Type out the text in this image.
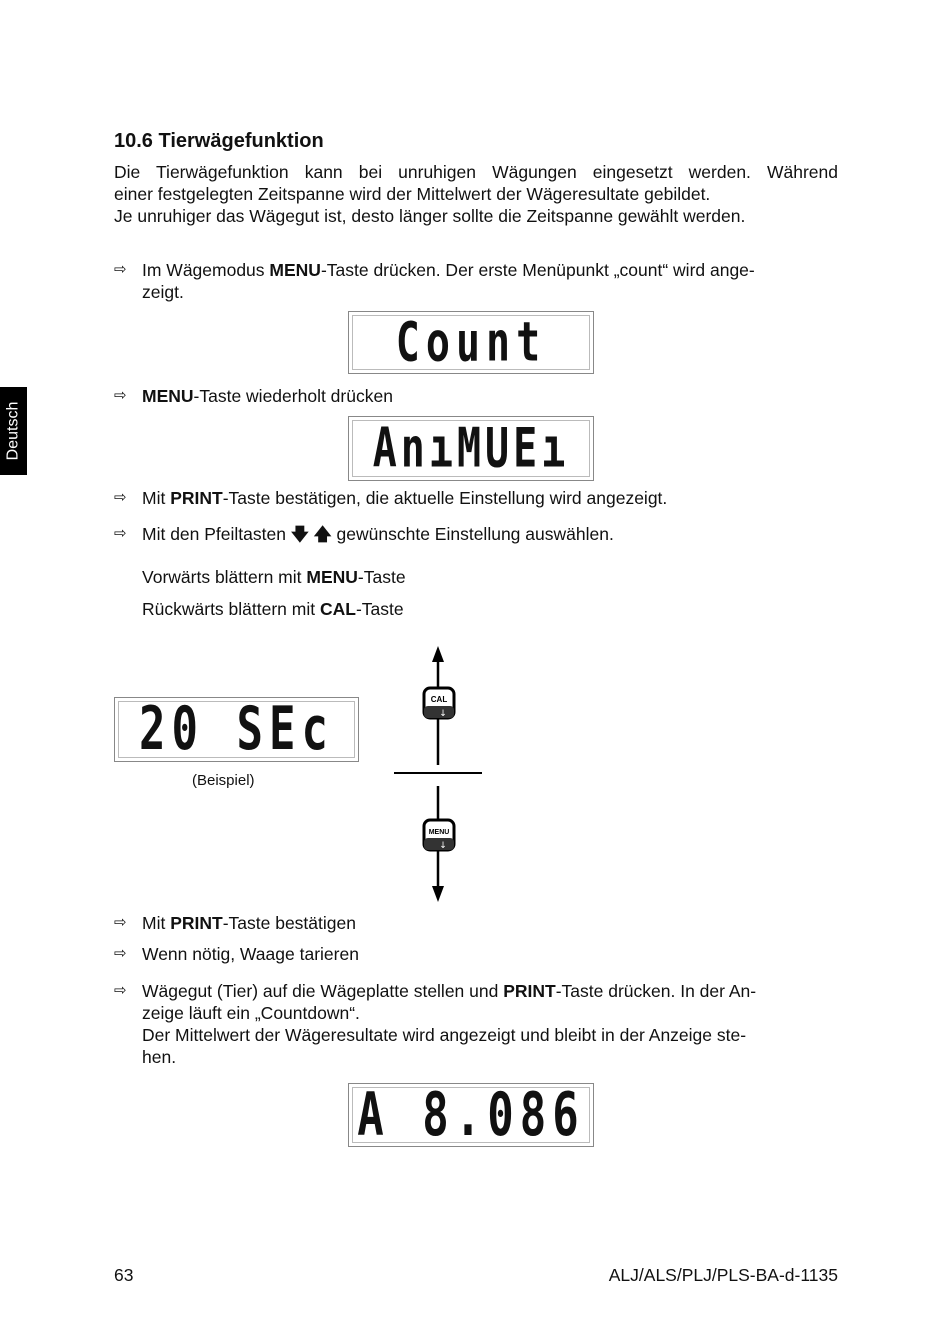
Deutsch
10.6 Tierwägefunktion
Die Tierwägefunktion kann bei unruhigen Wägungen eingesetzt werden. Während
einer festgelegten Zeitspanne wird der Mittelwert der Wägeresultate gebildet.
Je unruhiger das Wägegut ist, desto länger sollte die Zeitspanne gewählt werden.
⇨ Im Wägemodus MENU-Taste drücken. Der erste Menüpunkt „count“ wird ange-
zeigt.
Count
⇨ MENU-Taste wiederholt drücken
AnıMUEı
⇨ Mit PRINT-Taste bestätigen, die aktuelle Einstellung wird angezeigt.
⇨ Mit den Pfeiltasten 🡇 🡅 gewünschte Einstellung auswählen.
Vorwärts blättern mit MENU-Taste
Rückwärts blättern mit CAL-Taste
20 SEc
(Beispiel)
CAL
↓
MENU
↓
⇨ Mit PRINT-Taste bestätigen
⇨ Wenn nötig, Waage tarieren
⇨ Wägegut (Tier) auf die Wägeplatte stellen und PRINT-Taste drücken. In der An-
zeige läuft ein „Countdown“.
Der Mittelwert der Wägeresultate wird angezeigt und bleibt in der Anzeige ste-
hen.
A 8.086
63	ALJ/ALS/PLJ/PLS-BA-d-1135
